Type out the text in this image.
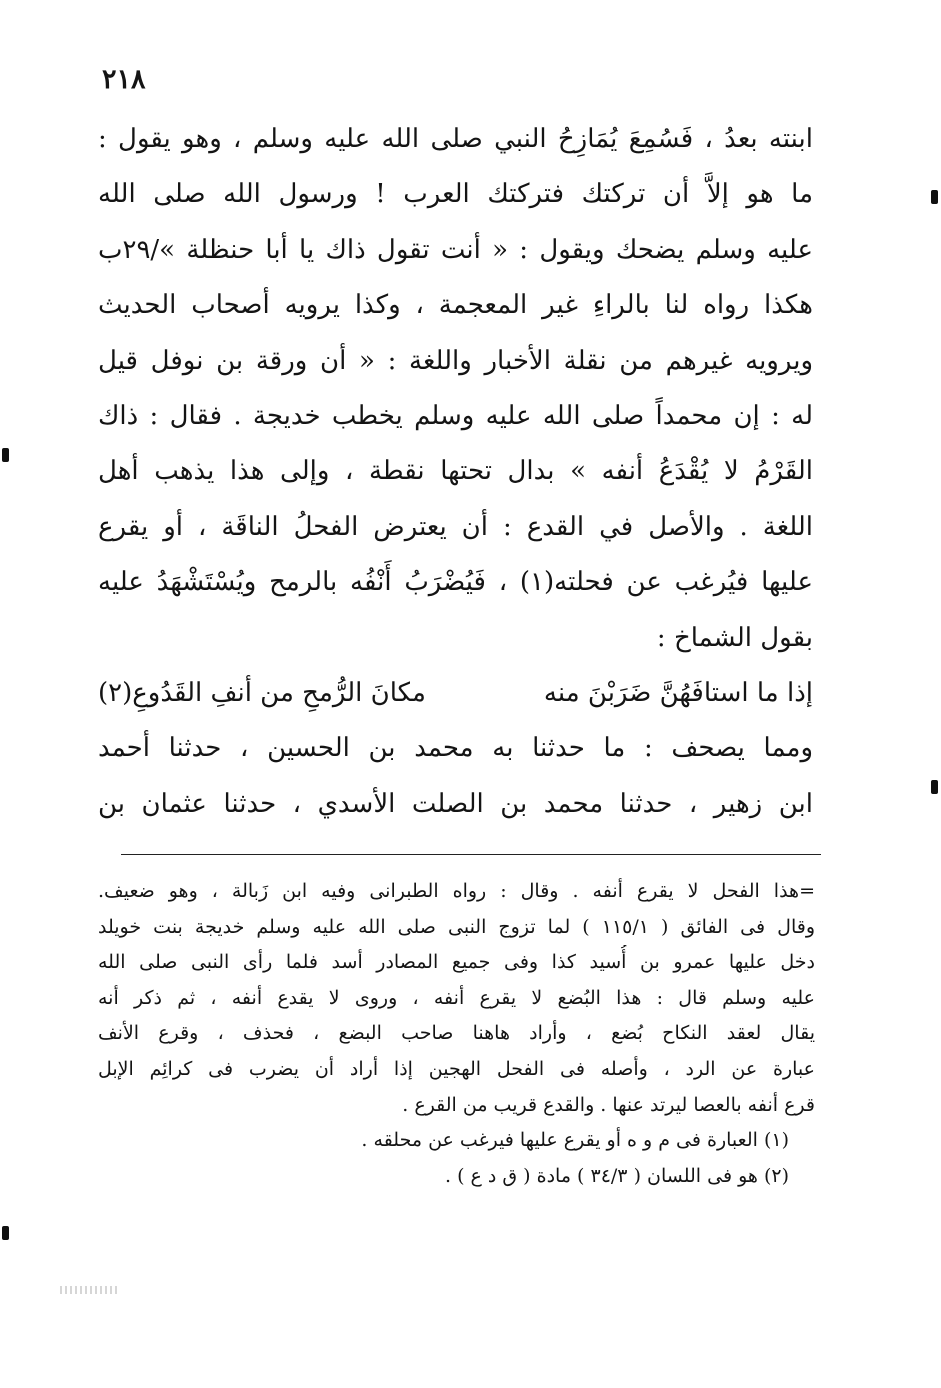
٢١٨
ابنته بعدُ ، فَسُمِعَ يُمَازِحُ النبي صلى الله عليه وسلم ، وهو يقول :
ما هو إلاَّ أن تركتك فتركتك العرب ! ورسول الله صلى الله
عليه وسلم يضحك ويقول : « أنت تقول ذاك يا أبا حنظلة »/٢٩ب
هكذا رواه لنا بالراءِ غير المعجمة ، وكذا يرويه أصحاب الحديث
ويرويه غيرهم من نقلة الأخبار واللغة : « أن ورقة بن نوفل قيل
له : إن محمداً صلى الله عليه وسلم يخطب خديجة . فقال : ذاك
القَرْمُ لا يُقْدَعُ أنفه » بدال تحتها نقطة ، وإلى هذا يذهب أهل
اللغة . والأصل في القدع : أن يعترض الفحلُ الناقَة ، أو يقرع
عليها فيُرغب عن فحلته(١) ، فَيُضْرَبُ أَنْفُه بالرمح ويُسْتَشْهَدُ عليه
بقول الشماخ :
إذا ما استافَهُنَّ ضَرَبْنَ منه
مكانَ الرُّمحِ من أنفِ القَدُوعِ(٢)
ومما يصحف : ما حدثنا به محمد بن الحسين ، حدثنا أحمد
ابن زهير ، حدثنا محمد بن الصلت الأسدي ، حدثنا عثمان بن
=هذا الفحل لا يقرع أنفه . وقال : رواه الطبرانى وفيه ابن زَبالة ، وهو ضعيف.
وقال فى الفائق ( ١١٥/١ ) لما تزوج النبى صلى الله عليه وسلم خديجة بنت خويلد
دخل عليها عمرو بن أُسيد كذا وفى جميع المصادر أسد فلما رأى النبى صلى الله
عليه وسلم قال : هذا البُضع لا يقرع أنفه ، وروى لا يقدع أنفه ، ثم ذكر أنه
يقال لعقد النكاح بُضع ، وأراد هاهنا صاحب البضع ، فحذف ، وقرع الأنف
عبارة عن الرد ، وأصله فى الفحل الهجين إذا أراد أن يضرب فى كرائِم الإبل
قرع أنفه بالعصا ليرتد عنها . والقدع قريب من القرع .
(١) العبارة فى م و ه أو يقرع عليها فيرغب عن محلقه .
(٢) هو فى اللسان ( ٣٤/٣ ) مادة ( ق د ع ) .
